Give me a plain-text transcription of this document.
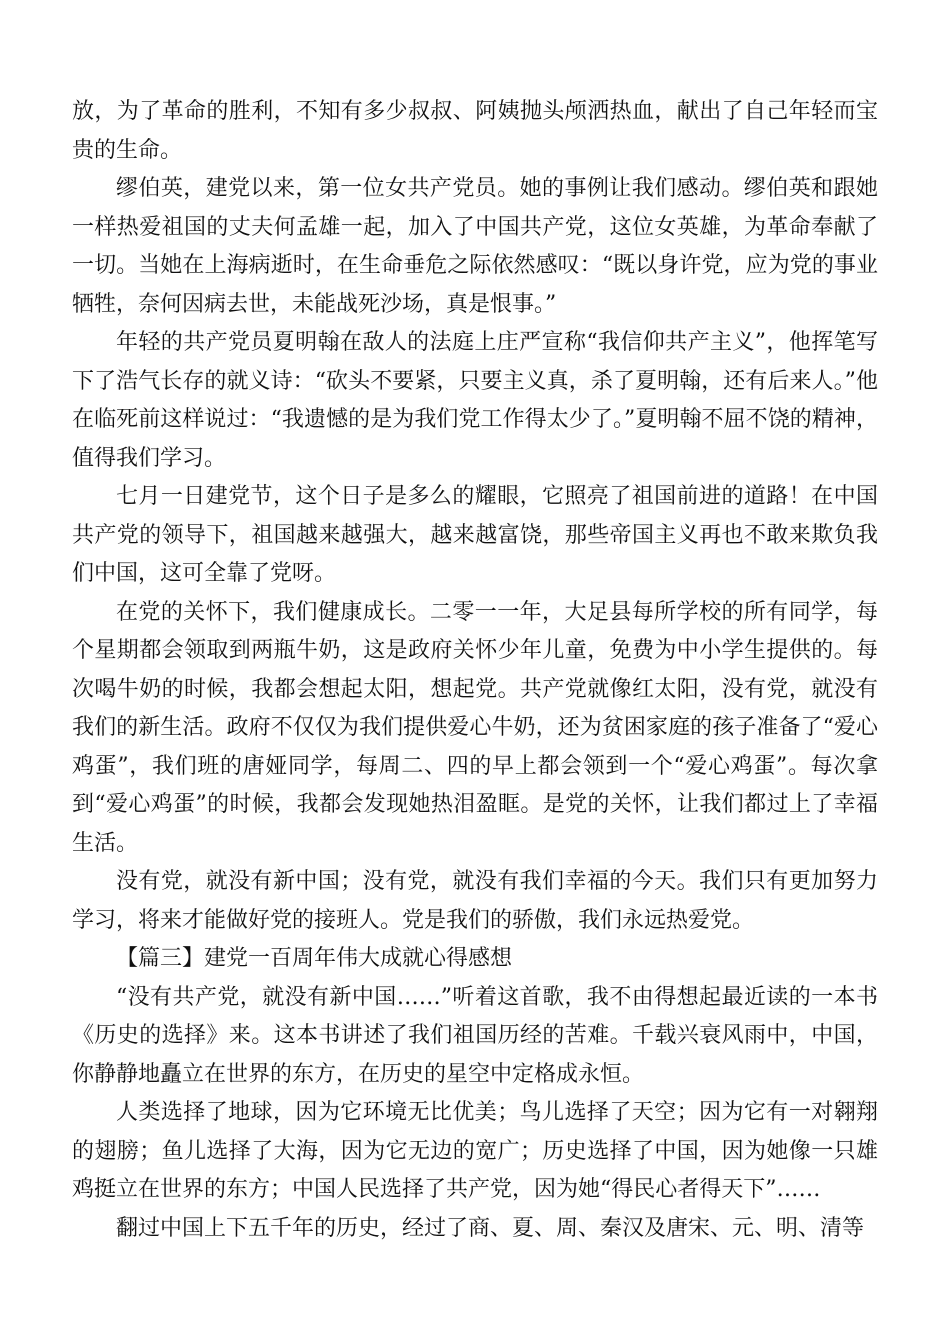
放，为了革命的胜利，不知有多少叔叔、阿姨抛头颅洒热血，献出了自己年轻而宝贵的生命。

缪伯英，建党以来，第一位女共产党员。她的事例让我们感动。缪伯英和跟她一样热爱祖国的丈夫何孟雄一起，加入了中国共产党，这位女英雄，为革命奉献了一切。当她在上海病逝时，在生命垂危之际依然感叹：“既以身许党，应为党的事业牺牲，奈何因病去世，未能战死沙场，真是恨事。”

年轻的共产党员夏明翰在敌人的法庭上庄严宣称“我信仰共产主义”，他挥笔写下了浩气长存的就义诗：“砍头不要紧，只要主义真，杀了夏明翰，还有后来人。”他在临死前这样说过：“我遗憾的是为我们党工作得太少了。”夏明翰不屈不饶的精神，值得我们学习。

七月一日建党节，这个日子是多么的耀眼，它照亮了祖国前进的道路！在中国共产党的领导下，祖国越来越强大，越来越富饶，那些帝国主义再也不敢来欺负我们中国，这可全靠了党呀。

在党的关怀下，我们健康成长。二零一一年，大足县每所学校的所有同学，每个星期都会领取到两瓶牛奶，这是政府关怀少年儿童，免费为中小学生提供的。每次喝牛奶的时候，我都会想起太阳，想起党。共产党就像红太阳，没有党，就没有我们的新生活。政府不仅仅为我们提供爱心牛奶，还为贫困家庭的孩子准备了“爱心鸡蛋”，我们班的唐娅同学，每周二、四的早上都会领到一个“爱心鸡蛋”。每次拿到“爱心鸡蛋”的时候，我都会发现她热泪盈眶。是党的关怀，让我们都过上了幸福生活。

没有党，就没有新中国；没有党，就没有我们幸福的今天。我们只有更加努力学习，将来才能做好党的接班人。党是我们的骄傲，我们永远热爱党。

【篇三】建党一百周年伟大成就心得感想

“没有共产党，就没有新中国……”听着这首歌，我不由得想起最近读的一本书《历史的选择》来。这本书讲述了我们祖国历经的苦难。千载兴衰风雨中，中国，你静静地矗立在世界的东方，在历史的星空中定格成永恒。

人类选择了地球，因为它环境无比优美；鸟儿选择了天空；因为它有一对翱翔的翅膀；鱼儿选择了大海，因为它无边的宽广；历史选择了中国，因为她像一只雄鸡挺立在世界的东方；中国人民选择了共产党，因为她“得民心者得天下”……

翻过中国上下五千年的历史，经过了商、夏、周、秦汉及唐宋、元、明、清等
